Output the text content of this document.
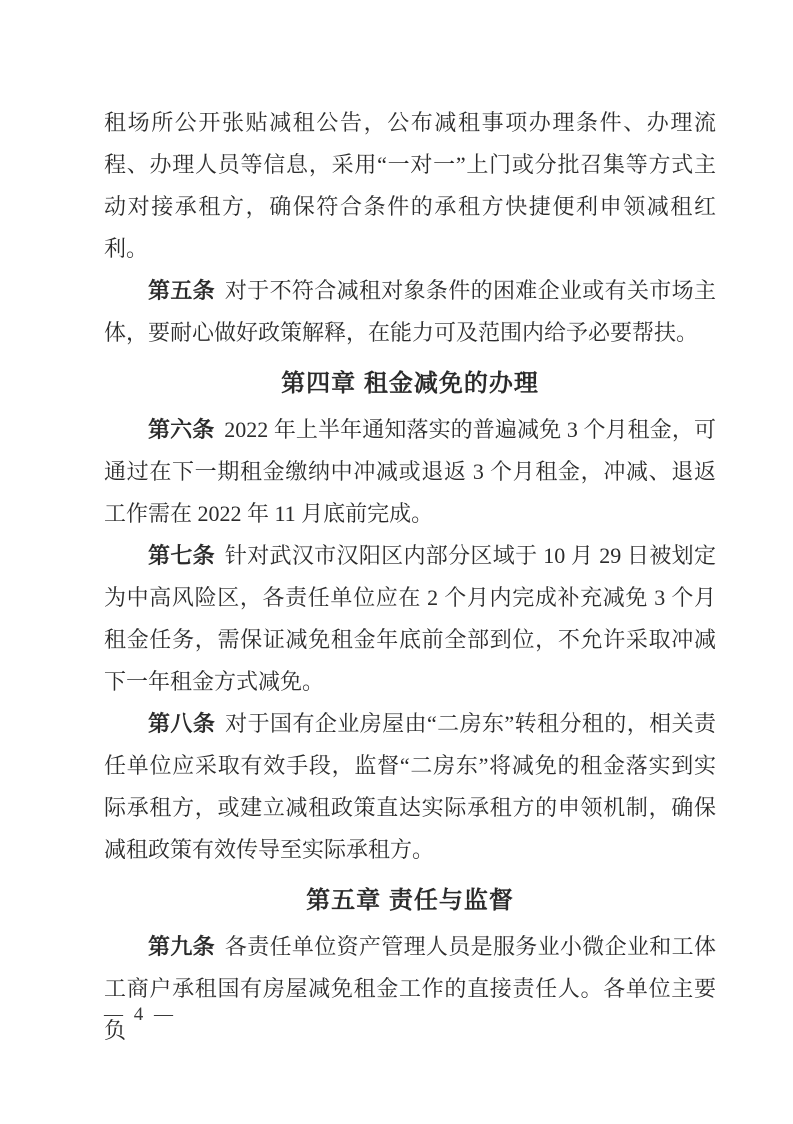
租场所公开张贴减租公告，公布减租事项办理条件、办理流程、办理人员等信息，采用“一对一”上门或分批召集等方式主动对接承租方，确保符合条件的承租方快捷便利申领减租红利。

第五条 对于不符合减租对象条件的困难企业或有关市场主体，要耐心做好政策解释，在能力可及范围内给予必要帮扶。

第四章 租金减免的办理

第六条 2022 年上半年通知落实的普遍减免 3 个月租金，可通过在下一期租金缴纳中冲减或退返 3 个月租金，冲减、退返工作需在 2022 年 11 月底前完成。

第七条 针对武汉市汉阳区内部分区域于 10 月 29 日被划定为中高风险区，各责任单位应在 2 个月内完成补充减免 3 个月租金任务，需保证减免租金年底前全部到位，不允许采取冲减下一年租金方式减免。

第八条 对于国有企业房屋由“二房东”转租分租的，相关责任单位应采取有效手段，监督“二房东”将减免的租金落实到实际承租方，或建立减租政策直达实际承租方的申领机制，确保减租政策有效传导至实际承租方。

第五章 责任与监督

第九条 各责任单位资产管理人员是服务业小微企业和工体工商户承租国有房屋减免租金工作的直接责任人。各单位主要负

— 4 —
